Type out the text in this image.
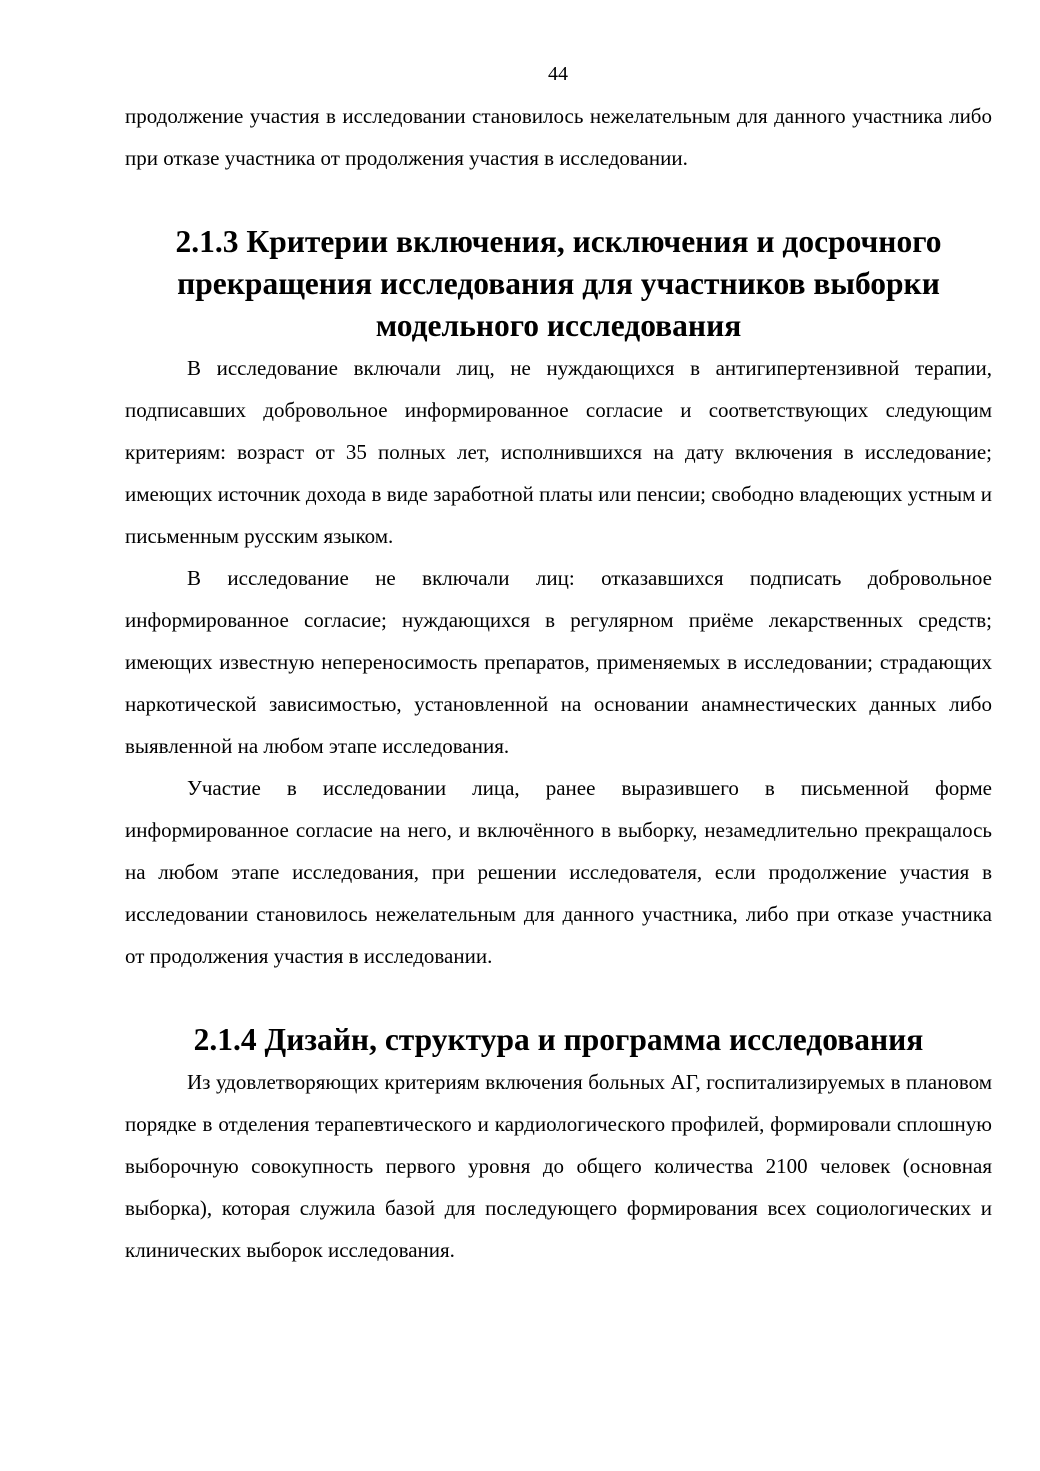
44

продолжение участия в исследовании становилось нежелательным для данного участника либо при отказе участника от продолжения участия в исследовании.

2.1.3 Критерии включения, исключения и досрочного прекращения исследования для участников выборки модельного исследования

В исследование включали лиц, не нуждающихся в антигипертензивной терапии, подписавших добровольное информированное согласие и соответствующих следующим критериям: возраст от 35 полных лет, исполнившихся на дату включения в исследование; имеющих источник дохода в виде заработной платы или пенсии; свободно владеющих устным и письменным русским языком.

В исследование не включали лиц: отказавшихся подписать добровольное информированное согласие; нуждающихся в регулярном приёме лекарственных средств; имеющих известную непереносимость препаратов, применяемых в исследовании; страдающих наркотической зависимостью, установленной на основании анамнестических данных либо выявленной на любом этапе исследования.

Участие в исследовании лица, ранее выразившего в письменной форме информированное согласие на него, и включённого в выборку, незамедлительно прекращалось на любом этапе исследования, при решении исследователя, если продолжение участия в исследовании становилось нежелательным для данного участника, либо при отказе участника от продолжения участия в исследовании.

2.1.4 Дизайн, структура и программа исследования

Из удовлетворяющих критериям включения больных АГ, госпитализируемых в плановом порядке в отделения терапевтического и кардиологического профилей, формировали сплошную выборочную совокупность первого уровня до общего количества 2100 человек (основная выборка), которая служила базой для последующего формирования всех социологических и клинических выборок исследования.
